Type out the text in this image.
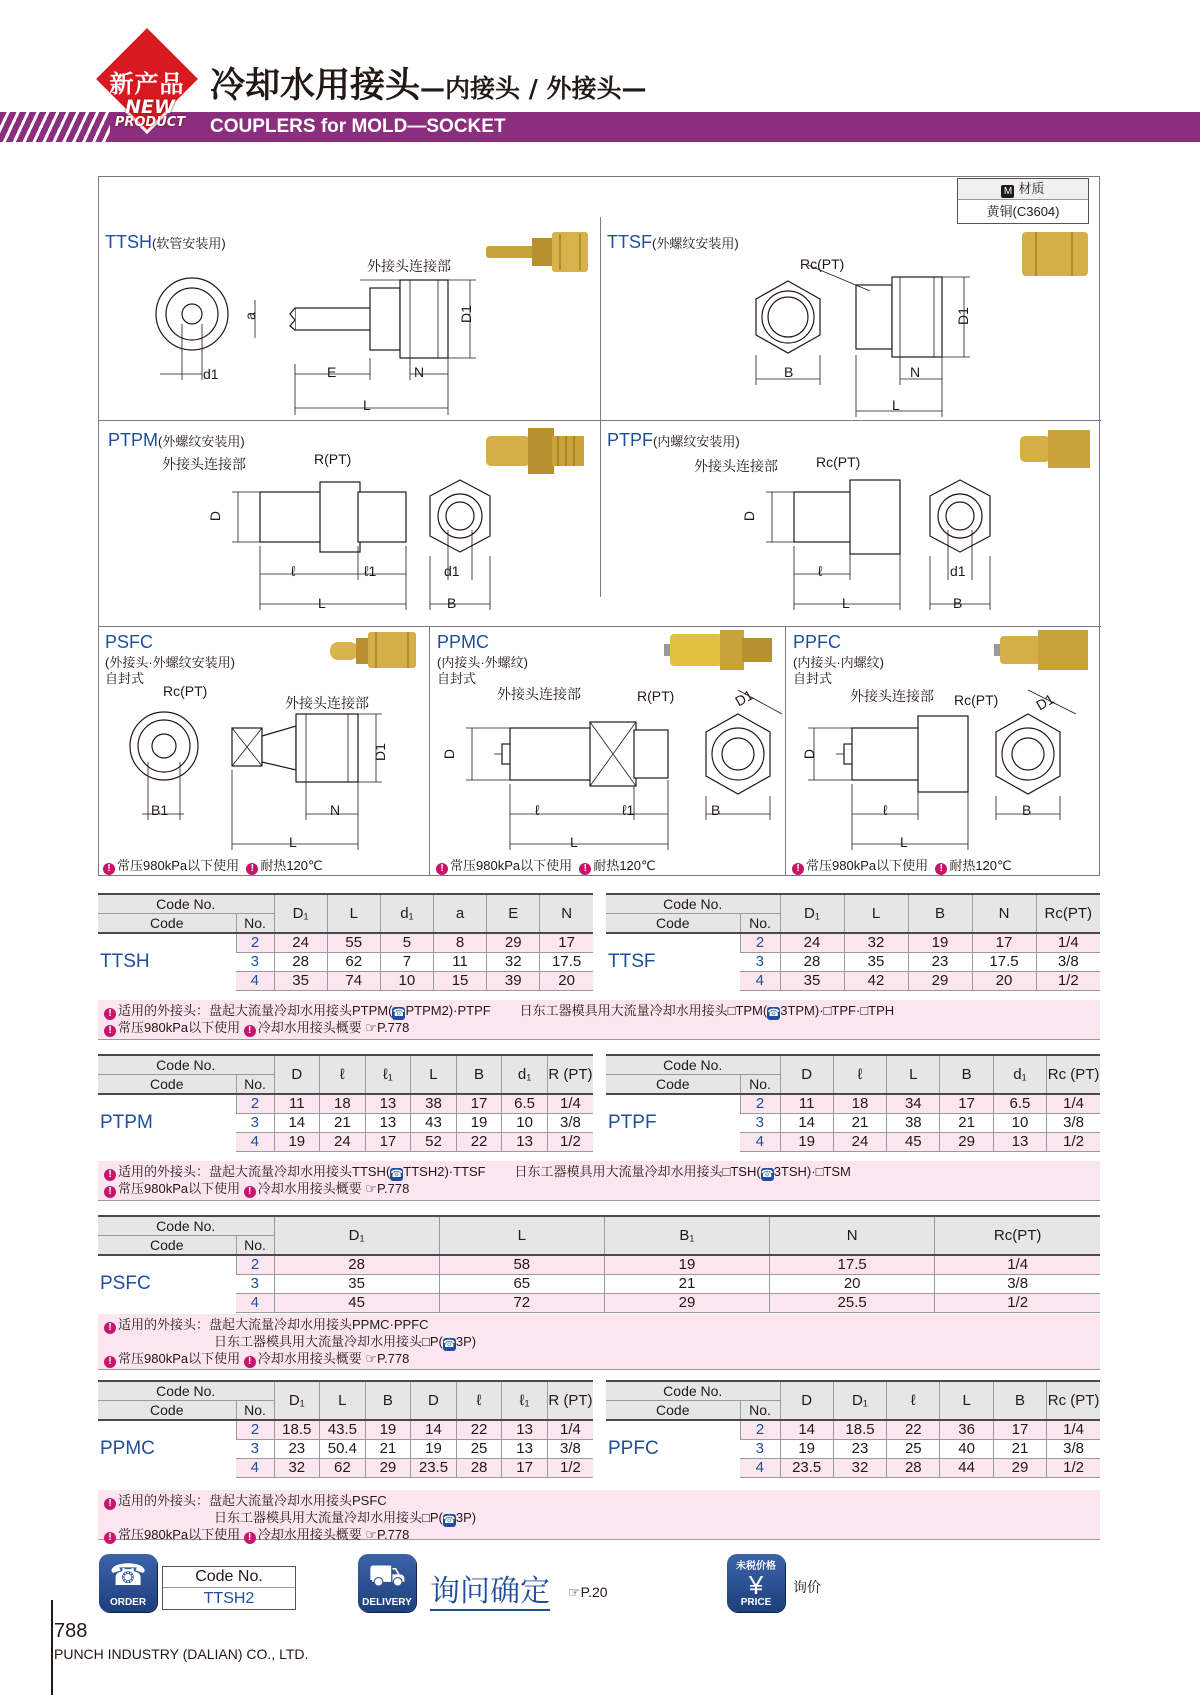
新产品
NEW
PRODUCT
冷却水用接头—内接头 / 外接头—
COUPLERS for MOLD—SOCKET
M 材质
黄铜(C3604)
TTSH(软管安装用)
外接头连接部
a	D1
d1	E	N
L
TTSF(外螺纹安装用)
Rc(PT)
D1
B	N
L
PTPM(外螺纹安装用)
外接头连接部	R(PT)
D
ℓ	ℓ1
L
d1
B
PTPF(内螺纹安装用)
外接头连接部	Rc(PT)
D
ℓ
L
d1
B
PSFC
(外接头·外螺纹安装用)
自封式
Rc(PT)
外接头连接部
D1
B1	N
L
! 常压980kPa以下使用 ! 耐热120℃
PPMC
(内接头·外螺纹)
自封式
外接头连接部	R(PT)	D1
D
ℓ	ℓ1
L
B
! 常压980kPa以下使用 ! 耐热120℃
PPFC
(内接头·内螺纹)
自封式
外接头连接部 Rc(PT) D1
D
ℓ
L
B
! 常压980kPa以下使用 ! 耐热120℃
Code No.		D₁	L	d₁	a	E	N
Code	No.						
TTSH	2	24	55	5	8	29	17
	3	28	62	7	11	32	17.5
	4	35	74	10	15	39	20
Code No.		D₁	L	B	N	Rc(PT)
Code	No.					
TTSF	2	24	32	19	17	1/4
	3	28	35	23	17.5	3/8
	4	35	42	29	20	1/2
! 适用的外接头：盘起大流量冷却水用接头PTPM(☎PTPM2)·PTPF 日东工器模具用大流量冷却水用接头□TPM(☎3TPM)·□TPF·□TPH
! 常压980kPa以下使用 ! 冷却水用接头概要 ☞P.778
Code No.		D	ℓ	ℓ₁	L	B	d₁	R (PT)
Code	No.							
PTPM	2	11	18	13	38	17	6.5	1/4
	3	14	21	13	43	19	10	3/8
	4	19	24	17	52	22	13	1/2
Code No.		D	ℓ	L	B	d₁	Rc (PT)
Code	No.						
PTPF	2	11	18	34	17	6.5	1/4
	3	14	21	38	21	10	3/8
	4	19	24	45	29	13	1/2
! 适用的外接头：盘起大流量冷却水用接头TTSH(☎TTSH2)·TTSF 日东工器模具用大流量冷却水用接头□TSH(☎3TSH)·□TSM
! 常压980kPa以下使用 ! 冷却水用接头概要 ☞P.778
Code No.		D₁	L	B₁	N	Rc(PT)
Code	No.					
PSFC	2	28	58	19	17.5	1/4
	3	35	65	21	20	3/8
	4	45	72	29	25.5	1/2
! 适用的外接头：盘起大流量冷却水用接头PPMC·PPFC
日东工器模具用大流量冷却水用接头□P(☎3P)
! 常压980kPa以下使用 ! 冷却水用接头概要 ☞P.778
Code No.		D₁	L	B	D	ℓ	ℓ₁	R (PT)
Code	No.							
PPMC	2	18.5	43.5	19	14	22	13	1/4
	3	23	50.4	21	19	25	13	3/8
	4	32	62	29	23.5	28	17	1/2
Code No.		D	D₁	ℓ	L	B	Rc (PT)
Code	No.						
PPFC	2	14	18.5	22	36	17	1/4
	3	19	23	25	40	21	3/8
	4	23.5	32	28	44	29	1/2
! 适用的外接头：盘起大流量冷却水用接头PSFC
日东工器模具用大流量冷却水用接头□P(☎3P)
! 常压980kPa以下使用 ! 冷却水用接头概要 ☞P.778
☎
ORDER
Code No.
TTSH2
⛟
DELIVERY 询问确定 ☞P.20
未税价格
¥
PRICE
询价
788
PUNCH INDUSTRY (DALIAN) CO., LTD.
